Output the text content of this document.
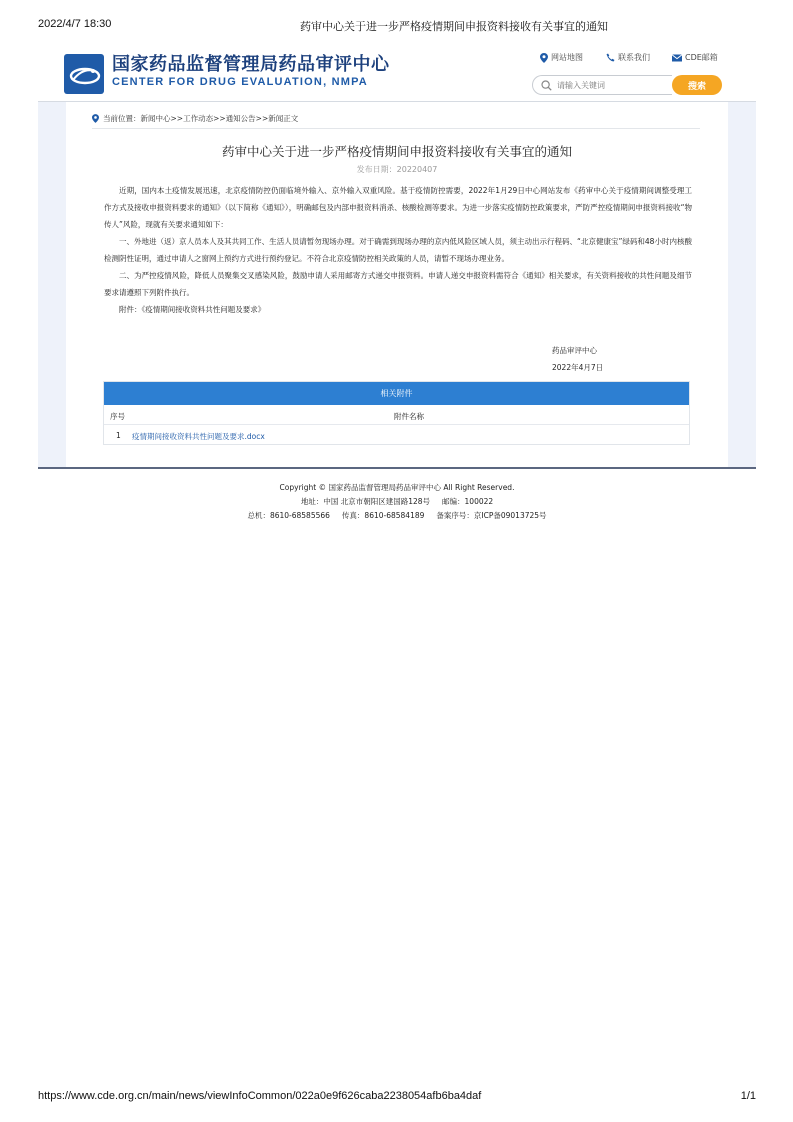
2022/4/7 18:30	药审中心关于进一步严格疫情期间申报资料接收有关事宜的通知
国家药品监督管理局药品审评中心
CENTER FOR DRUG EVALUATION, NMPA
网站地图	联系我们	CDE邮箱
请输入关键词
搜索
当前位置： 新闻中心 >>工作动态 >>通知公告 >>新闻正文
药审中心关于进一步严格疫情期间申报资料接收有关事宜的通知
发布日期：20220407

近期，国内本土疫情发展迅速，北京疫情防控仍面临境外输入、京外输入双重风险。基于疫情防控需要，2022年1月29日中心网站发布《药审中心关于疫情期间调整受理工作方式及接收申报资料要求的通知》（以下简称《通知》），明确邮包及内部申报资料消杀、核酸检测等要求。为进一步落实疫情防控政策要求，严防严控疫情期间申报资料接收“物传人”风险，现就有关要求通知如下：

一、外地进（返）京人员本人及其共同工作、生活人员请暂勿现场办理。对于确需到现场办理的京内低风险区域人员，须主动出示行程码、“北京健康宝”绿码和48小时内核酸检测阴性证明，通过申请人之窗网上预约方式进行预约登记。不符合北京疫情防控相关政策的人员，请暂不现场办理业务。

二、为严控疫情风险，降低人员聚集交叉感染风险，鼓励申请人采用邮寄方式递交申报资料。申请人递交申报资料需符合《通知》相关要求，有关资料接收的共性问题及细节要求请遵照下列附件执行。

附件：《疫情期间接收资料共性问题及要求》

药品审评中心
2022年4月7日
相关附件
序号	附件名称
1 疫情期间接收资料共性问题及要求.docx
Copyright © 国家药品监督管理局药品审评中心 All Right Reserved.
地址：中国 北京市朝阳区建国路128号 邮编：100022
总机：8610-68585566 传真：8610-68584189 备案序号：京ICP备09013725号
https://www.cde.org.cn/main/news/viewInfoCommon/022a0e9f626caba2238054afb6ba4daf	1/1
